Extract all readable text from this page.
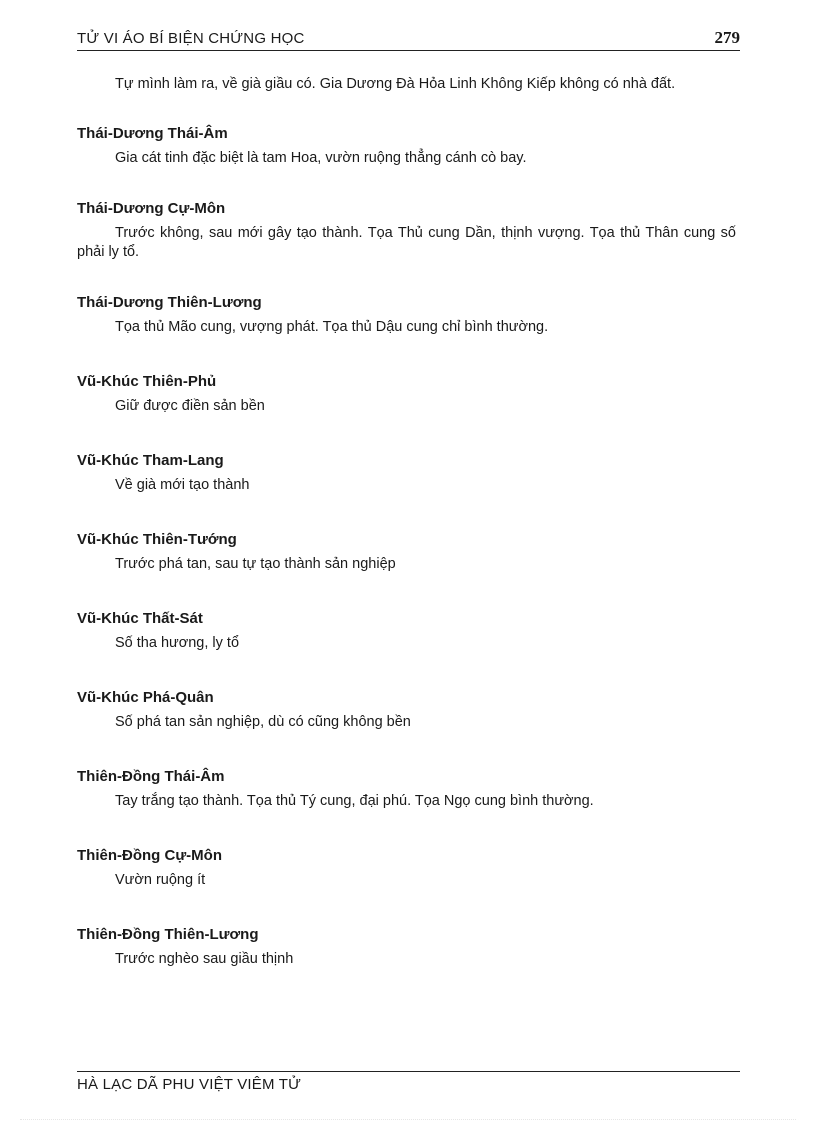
TỬ VI ÁO BÍ BIỆN CHỨNG HỌC	279

Tự mình làm ra, về già giầu có. Gia Dương Đà Hỏa Linh Không Kiếp không có nhà đất.

Thái-Dương Thái-Âm

Gia cát tinh đặc biệt là tam Hoa, vườn ruộng thẳng cánh cò bay.

Thái-Dương Cự-Môn

Trước không, sau mới gây tạo thành. Tọa Thủ cung Dần, thịnh vượng. Tọa thủ Thân cung số phải ly tổ.

Thái-Dương Thiên-Lương

Tọa thủ Mão cung, vượng phát. Tọa thủ Dậu cung chỉ bình thường.

Vũ-Khúc Thiên-Phủ

Giữ được điền sản bền

Vũ-Khúc Tham-Lang

Về già mới tạo thành

Vũ-Khúc Thiên-Tướng

Trước phá tan, sau tự tạo thành sản nghiệp

Vũ-Khúc Thất-Sát

Số tha hương, ly tổ

Vũ-Khúc Phá-Quân

Số phá tan sản nghiệp, dù có cũng không bền

Thiên-Đồng Thái-Âm

Tay trắng tạo thành. Tọa thủ Tý cung, đại phú. Tọa Ngọ cung bình thường.

Thiên-Đồng Cự-Môn

Vườn ruộng ít

Thiên-Đồng Thiên-Lương

Trước nghèo sau giầu thịnh

HÀ LẠC DÃ PHU VIỆT VIÊM TỬ
